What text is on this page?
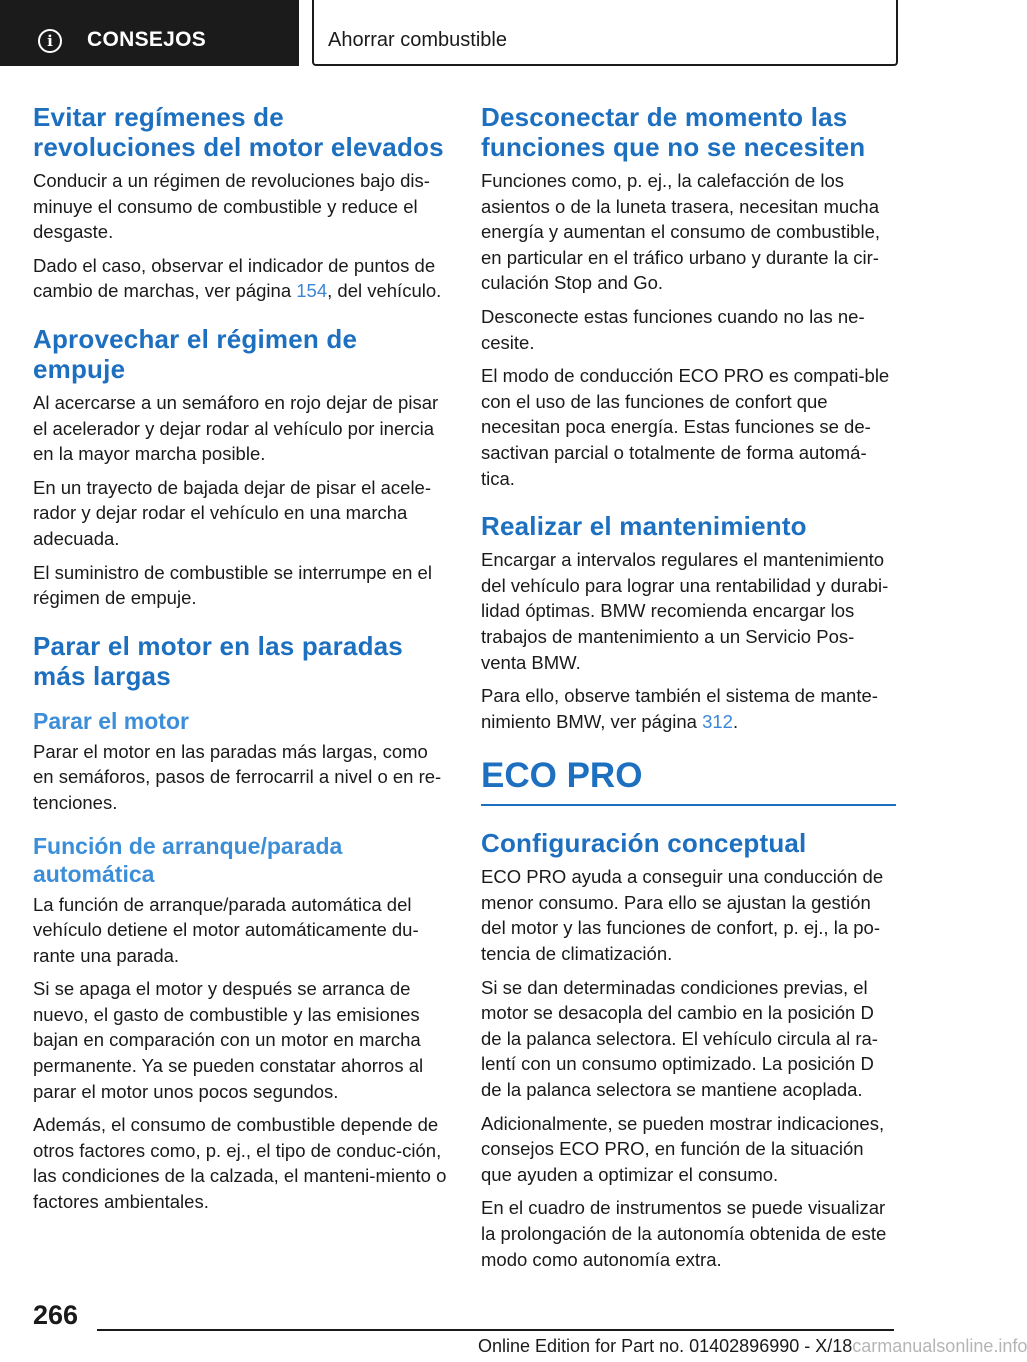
i	CONSEJOS	Ahorrar combustible
Evitar regímenes de revoluciones del motor elevados

Conducir a un régimen de revoluciones bajo dis‐minuye el consumo de combustible y reduce el desgaste.

Dado el caso, observar el indicador de puntos de cambio de marchas, ver página 154, del vehículo.

Aprovechar el régimen de empuje

Al acercarse a un semáforo en rojo dejar de pisar el acelerador y dejar rodar al vehículo por inercia en la mayor marcha posible.

En un trayecto de bajada dejar de pisar el acele‐rador y dejar rodar el vehículo en una marcha adecuada.

El suministro de combustible se interrumpe en el régimen de empuje.

Parar el motor en las paradas más largas
Parar el motor

Parar el motor en las paradas más largas, como en semáforos, pasos de ferrocarril a nivel o en re‐tenciones.

Función de arranque/parada automática

La función de arranque/parada automática del vehículo detiene el motor automáticamente du‐rante una parada.

Si se apaga el motor y después se arranca de nuevo, el gasto de combustible y las emisiones bajan en comparación con un motor en marcha permanente. Ya se pueden constatar ahorros al parar el motor unos pocos segundos.

Además, el consumo de combustible depende de otros factores como, p. ej., el tipo de conduc‐ción, las condiciones de la calzada, el manteni‐miento o factores ambientales.

Desconectar de momento las funciones que no se necesiten

Funciones como, p. ej., la calefacción de los asientos o de la luneta trasera, necesitan mucha energía y aumentan el consumo de combustible, en particular en el tráfico urbano y durante la cir‐culación Stop and Go.

Desconecte estas funciones cuando no las ne‐cesite.

El modo de conducción ECO PRO es compati‐ble con el uso de las funciones de confort que necesitan poca energía. Estas funciones se de‐sactivan parcial o totalmente de forma automá‐tica.

Realizar el mantenimiento

Encargar a intervalos regulares el mantenimiento del vehículo para lograr una rentabilidad y durabi‐lidad óptimas. BMW recomienda encargar los trabajos de mantenimiento a un Servicio Pos‐venta BMW.

Para ello, observe también el sistema de mante‐nimiento BMW, ver página 312.

ECO PRO
Configuración conceptual

ECO PRO ayuda a conseguir una conducción de menor consumo. Para ello se ajustan la gestión del motor y las funciones de confort, p. ej., la po‐tencia de climatización.

Si se dan determinadas condiciones previas, el motor se desacopla del cambio en la posición D de la palanca selectora. El vehículo circula al ra‐lentí con un consumo optimizado. La posición D de la palanca selectora se mantiene acoplada.

Adicionalmente, se pueden mostrar indicaciones, consejos ECO PRO, en función de la situación que ayuden a optimizar el consumo.

En el cuadro de instrumentos se puede visualizar la prolongación de la autonomía obtenida de este modo como autonomía extra.

266
Online Edition for Part no. 01402896990 - X/18carmanualsonline.info
